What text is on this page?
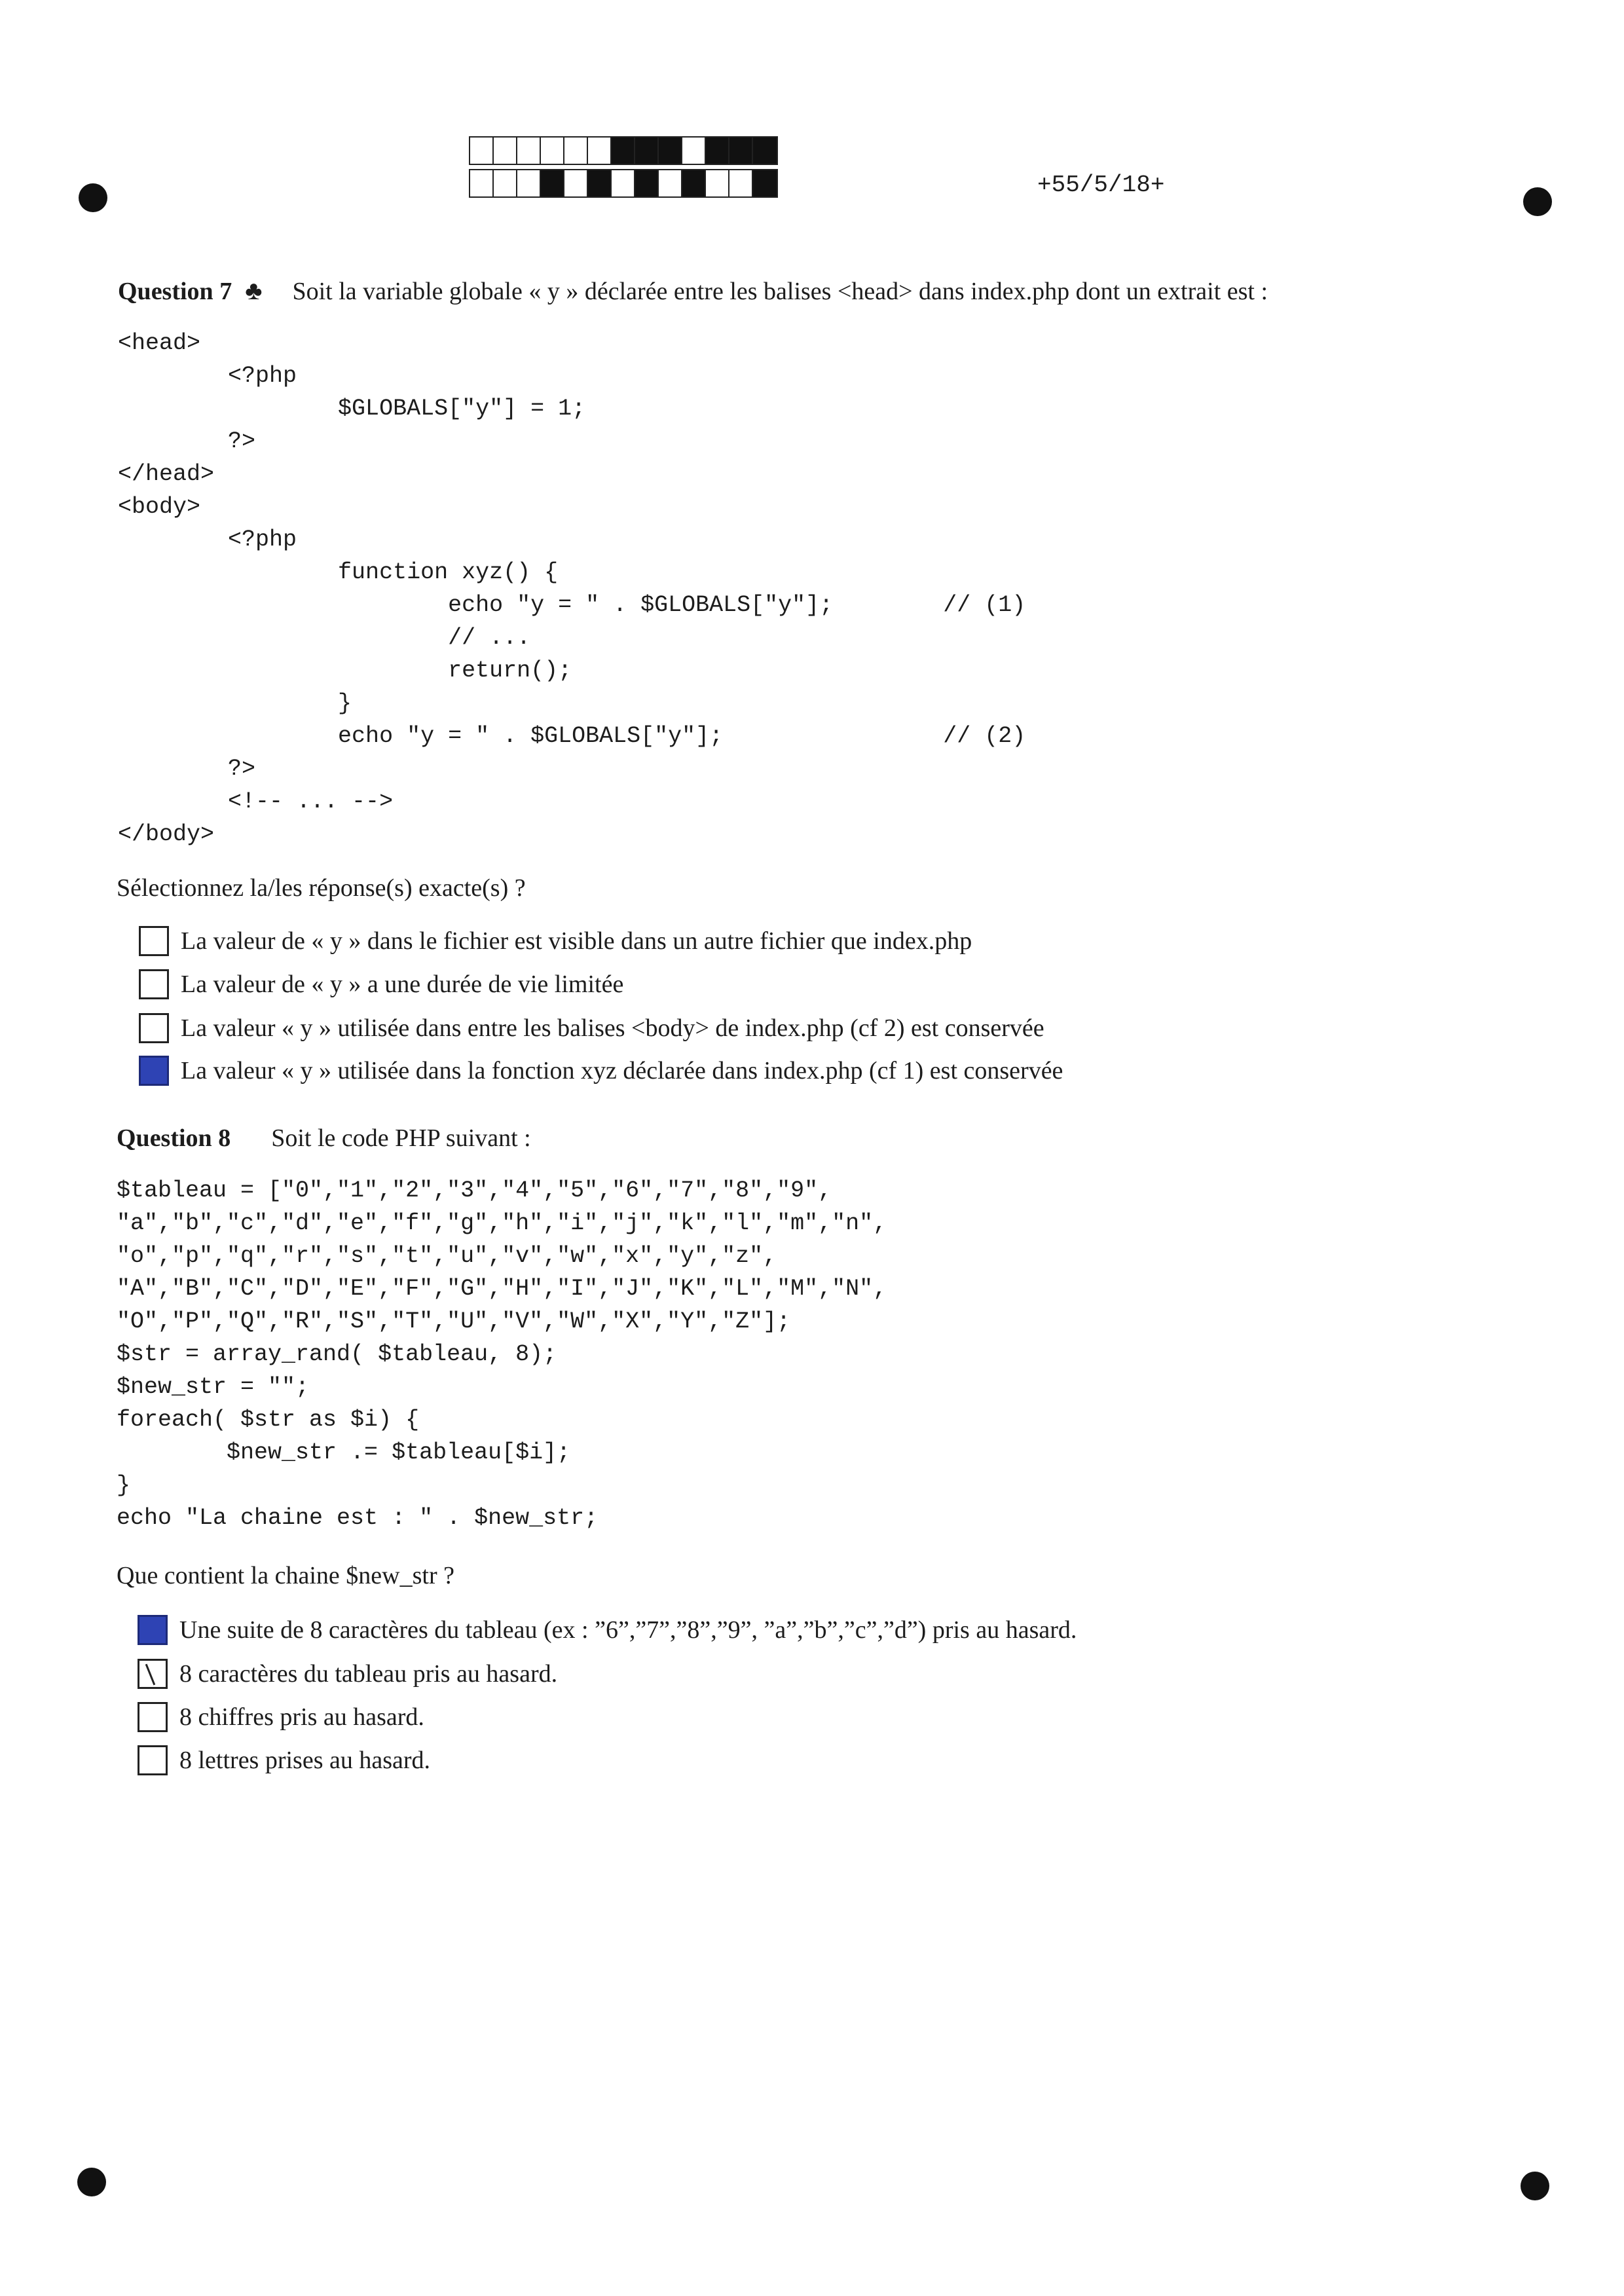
+55/5/18+
Question 7 ♣ Soit la variable globale « y » déclarée entre les balises <head> dans index.php dont un extrait est :
<head>
<?php
$GLOBALS["y"] = 1;
?>
</head>
<body>
<?php
function xyz() {
echo "y = " . $GLOBALS["y"];        // (1)
// ...
return();
}
echo "y = " . $GLOBALS["y"];                // (2)
?>
<!-- ... -->
</body>
Sélectionnez la/les réponse(s) exacte(s) ?
La valeur de « y » dans le fichier est visible dans un autre fichier que index.php
La valeur de « y » a une durée de vie limitée
La valeur « y » utilisée dans entre les balises <body> de index.php (cf 2) est conservée
La valeur « y » utilisée dans la fonction xyz déclarée dans index.php (cf 1) est conservée
Question 8 Soit le code PHP suivant :
$tableau = ["0","1","2","3","4","5","6","7","8","9",
"a","b","c","d","e","f","g","h","i","j","k","l","m","n",
"o","p","q","r","s","t","u","v","w","x","y","z",
"A","B","C","D","E","F","G","H","I","J","K","L","M","N",
"O","P","Q","R","S","T","U","V","W","X","Y","Z"];
$str = array_rand( $tableau, 8);
$new_str = "";
foreach( $str as $i) {
$new_str .= $tableau[$i];
}
echo "La chaine est : " . $new_str;
Que contient la chaine $new_str ?
Une suite de 8 caractères du tableau (ex : ”6”,”7”,”8”,”9”, ”a”,”b”,”c”,”d”) pris au hasard.
8 caractères du tableau pris au hasard.
8 chiffres pris au hasard.
8 lettres prises au hasard.
